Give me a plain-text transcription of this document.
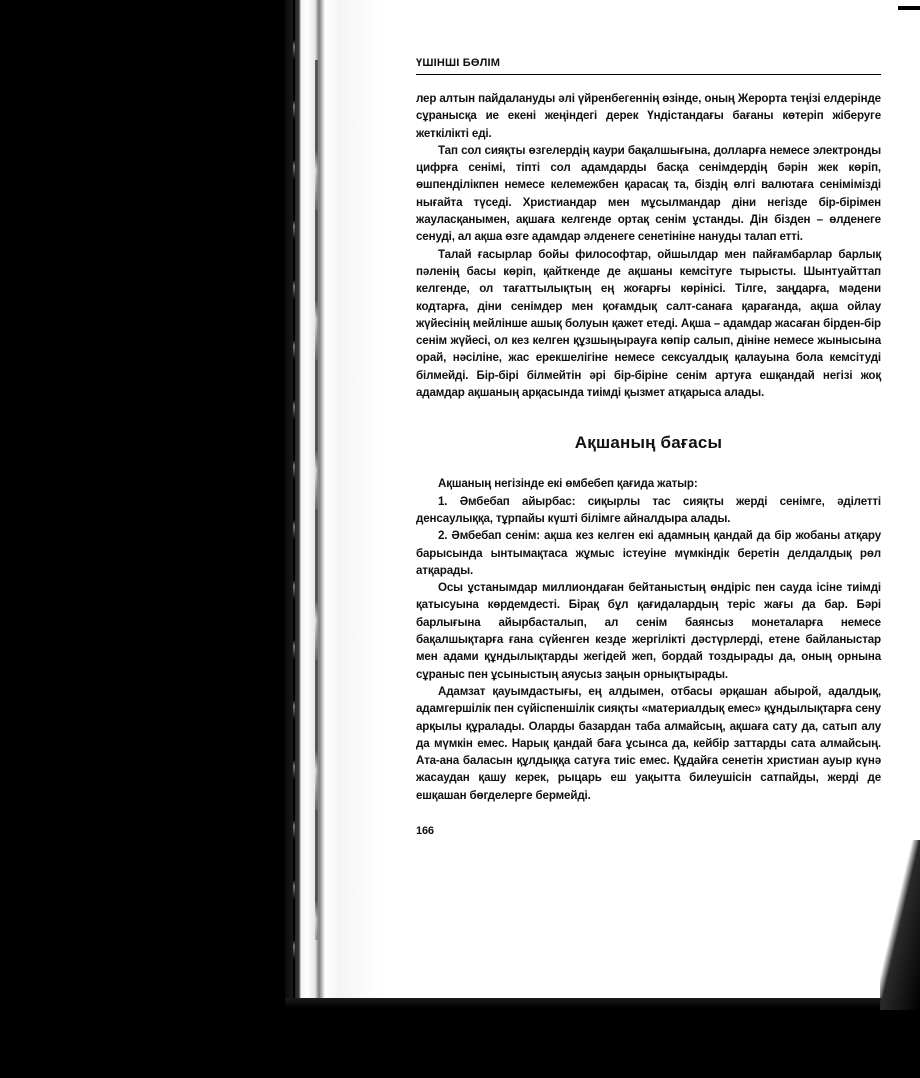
ҮШІНШІ БӨЛІМ

лер алтын пайдалануды әлі үйренбегеннің өзінде, оның Жерорта теңізі елдерінде сұранысқа ие екені жеңіндегі дерек Үндістандағы бағаны көтеріп жіберуге жеткілікті еді.

Тап сол сияқты өзгелердің каури бақалшығына, долларға немесе электронды цифрға сенімі, тіпті сол адамдарды басқа сенімдердің бәрін жек көріп, өшпенділікпен немесе келемежбен қарасақ та, біздің өлгі валютаға сенімімізді нығайта түседі. Христиандар мен мұсылмандар діни негізде бір-бірімен жауласқанымен, ақшаға келгенде ортақ сенім ұстанды. Дін бізден – өлденеге сенуді, ал ақша өзге адамдар әлденеге сенетініне нануды талап етті.

Талай ғасырлар бойы философтар, ойшылдар мен пайғамбарлар барлық пәленің басы көріп, қайткенде де ақшаны кемсітуге тырысты. Шынтуайттап келгенде, ол тағаттылықтың ең жоғарғы көрінісі. Тілге, заңдарға, мәдени кодтарға, діни сенімдер мен қоғамдық салт-санаға қарағанда, ақша ойлау жүйесінің мейлінше ашық болуын қажет етеді. Ақша – адамдар жасаған бірден-бір сенім жүйесі, ол кез келген құзшыңырауға көпір салып, дініне немесе жынысына орай, нәсіліне, жас ерекшелігіне немесе сексуалдық қалауына бола кемсітуді білмейді. Бір-бірі білмейтін әрі бір-біріне сенім артуға ешқандай негізі жоқ адамдар ақшаның арқасында тиімді қызмет атқарыса алады.

Ақшаның бағасы

Ақшаның негізінде екі өмбебеп қағида жатыр:

1. Әмбебап айырбас: сиқырлы тас сияқты жерді сенімге, әділетті денсаулыққа, тұрпайы күшті білімге айналдыра алады.

2. Әмбебап сенім: ақша кез келген екі адамның қандай да бір жобаны атқару барысында ынтымақтаса жұмыс істеуіне мүмкіндік беретін делдалдық рөл атқарады.

Осы ұстанымдар миллиондаған бейтаныстың өндіріс пен сауда ісіне тиімді қатысуына көрдемдесті. Бірақ бұл қағидалардың теріс жағы да бар. Бәрі барлығына айырбасталып, ал сенім баянсыз монеталарға немесе бақалшықтарға ғана сүйенген кезде жергілікті дәстүрлерді, етене байланыстар мен адами құндылықтарды жегідей жеп, бордай тоздырады да, оның орнына сұраныс пен ұсыныстың аяусыз заңын орнықтырады.

Адамзат қауымдастығы, ең алдымен, отбасы әрқашан абырой, адалдық, адамгершілік пен сүйіспеншілік сияқты «материалдық емес» құндылықтарға сену арқылы құралады. Оларды базардан таба алмайсың, ақшаға сату да, сатып алу да мүмкін емес. Нарық қандай баға ұсынса да, кейбір заттарды сата алмайсың. Ата-ана баласын құлдыққа сатуға тиіс емес. Құдайға сенетін христиан ауыр күнә жасаудан қашу керек, рыцарь еш уақытта билеушісін сатпайды, жерді де ешқашан бөгделерге бермейді.

166
